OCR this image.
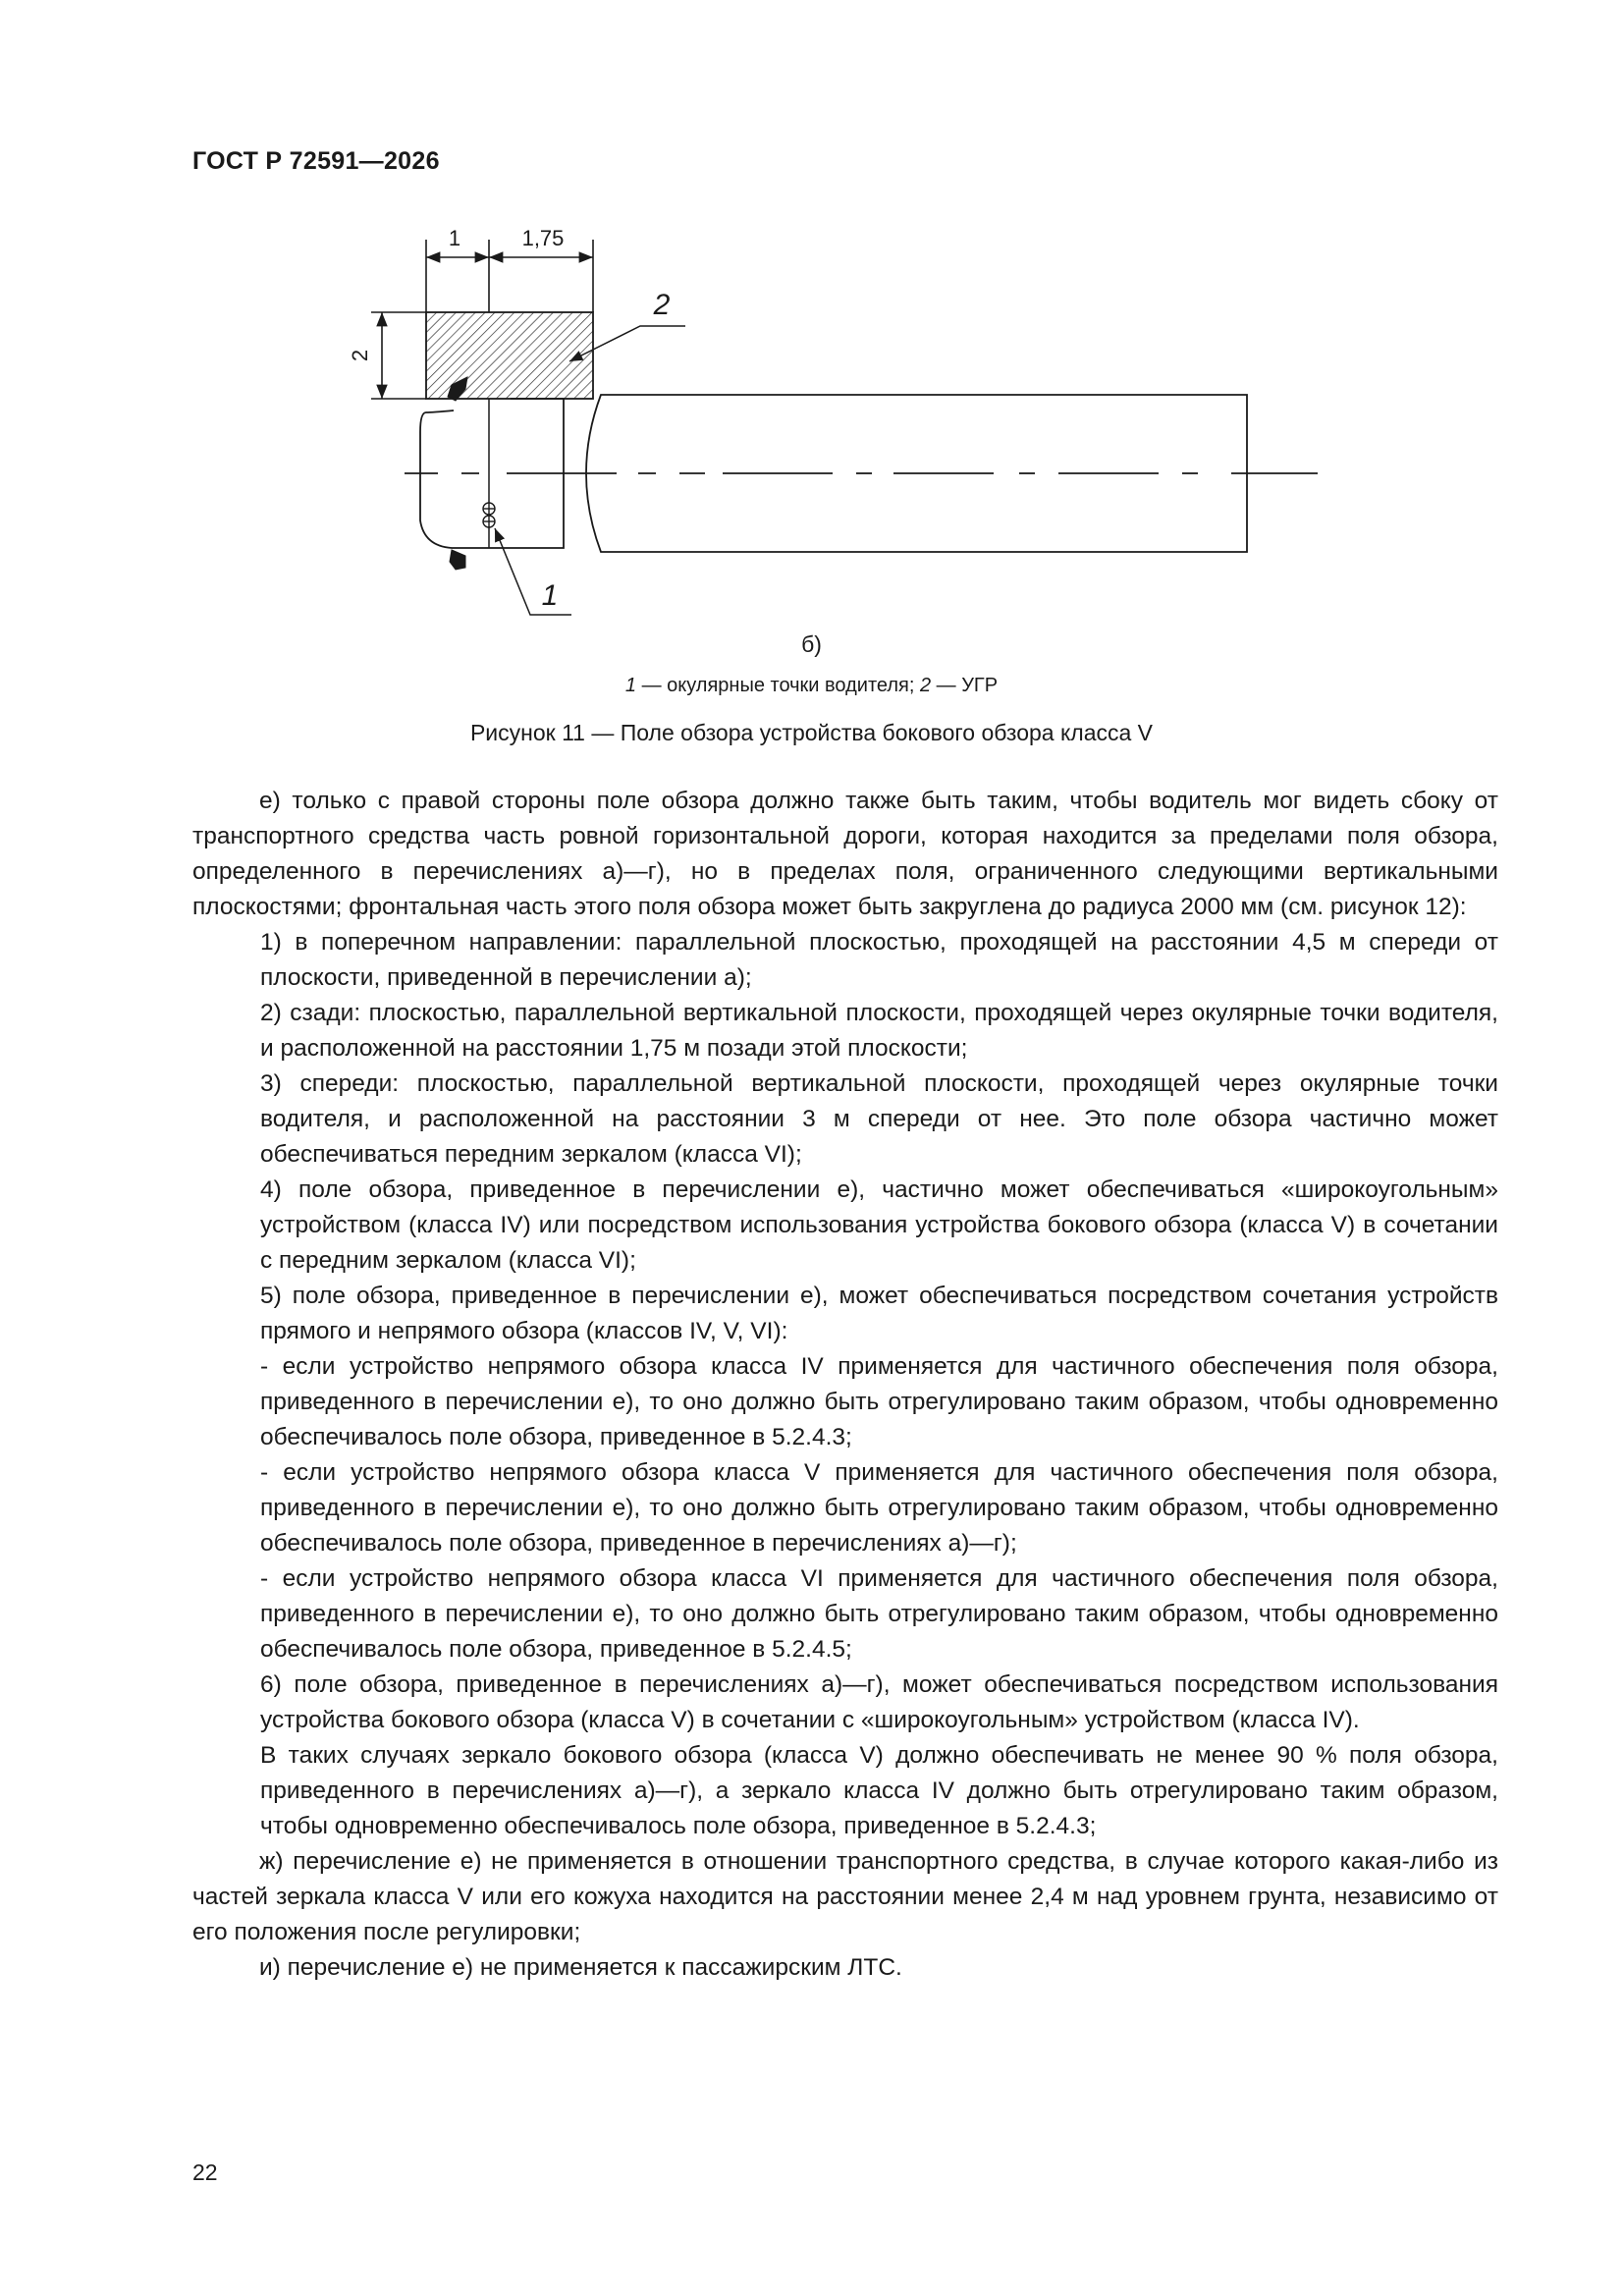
ГОСТ Р 72591—2026
1	1,75
2
1
2
б)
1 — окулярные точки водителя; 2 — УГР
Рисунок 11 — Поле обзора устройства бокового обзора класса V

е) только с правой стороны поле обзора должно также быть таким, чтобы водитель мог видеть сбоку от транспортного средства часть ровной горизонтальной дороги, которая находится за пределами поля обзора, определенного в перечислениях а)—г), но в пределах поля, ограниченного следующими вертикальными плоскостями; фронтальная часть этого поля обзора может быть закруглена до радиуса 2000 мм (см. рисунок 12):

1) в поперечном направлении: параллельной плоскостью, проходящей на расстоянии 4,5 м спереди от плоскости, приведенной в перечислении а);

2) сзади: плоскостью, параллельной вертикальной плоскости, проходящей через окулярные точки водителя, и расположенной на расстоянии 1,75 м позади этой плоскости;

3) спереди: плоскостью, параллельной вертикальной плоскости, проходящей через окулярные точки водителя, и расположенной на расстоянии 3 м спереди от нее. Это поле обзора частично может обеспечиваться передним зеркалом (класса VI);

4) поле обзора, приведенное в перечислении е), частично может обеспечиваться «широкоугольным» устройством (класса IV) или посредством использования устройства бокового обзора (класса V) в сочетании с передним зеркалом (класса VI);

5) поле обзора, приведенное в перечислении е), может обеспечиваться посредством сочетания устройств прямого и непрямого обзора (классов IV, V, VI):

- если устройство непрямого обзора класса IV применяется для частичного обеспечения поля обзора, приведенного в перечислении е), то оно должно быть отрегулировано таким образом, чтобы одновременно обеспечивалось поле обзора, приведенное в 5.2.4.3;

- если устройство непрямого обзора класса V применяется для частичного обеспечения поля обзора, приведенного в перечислении е), то оно должно быть отрегулировано таким образом, чтобы одновременно обеспечивалось поле обзора, приведенное в перечислениях а)—г);

- если устройство непрямого обзора класса VI применяется для частичного обеспечения поля обзора, приведенного в перечислении е), то оно должно быть отрегулировано таким образом, чтобы одновременно обеспечивалось поле обзора, приведенное в 5.2.4.5;

6) поле обзора, приведенное в перечислениях а)—г), может обеспечиваться посредством использования устройства бокового обзора (класса V) в сочетании с «широкоугольным» устройством (класса IV).

В таких случаях зеркало бокового обзора (класса V) должно обеспечивать не менее 90 % поля обзора, приведенного в перечислениях а)—г), а зеркало класса IV должно быть отрегулировано таким образом, чтобы одновременно обеспечивалось поле обзора, приведенное в 5.2.4.3;

ж) перечисление е) не применяется в отношении транспортного средства, в случае которого какая-либо из частей зеркала класса V или его кожуха находится на расстоянии менее 2,4 м над уровнем грунта, независимо от его положения после регулировки;

и) перечисление е) не применяется к пассажирским ЛТС.

22
